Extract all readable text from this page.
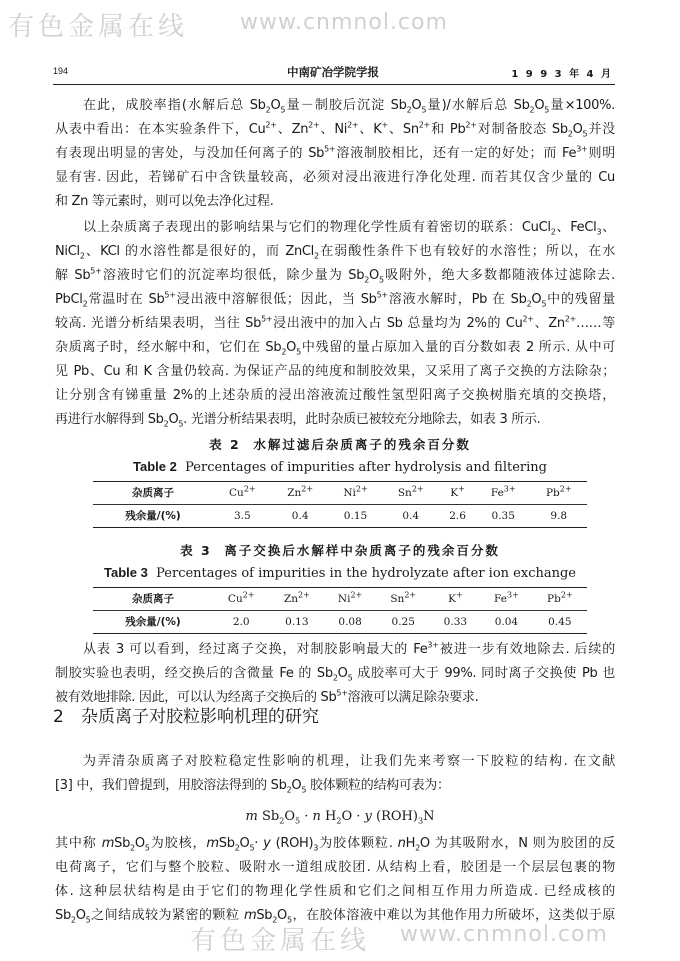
194	中南矿冶学院学报	1 9 9 3 年 4 月
在此，成胶率指(水解后总 $Sb_2O_5$量－制胶后沉淀 $Sb_2O_5$量)/水解后总 $Sb_2O_5$量×100%.
从表中看出：在本实验条件下，$Cu^{2+}$、$Zn^{2+}$、$Ni^{2+}$、K+、$Sn^{2+}$和 $Pb^{2+}$对制备胶态 $Sb_2O_5$并没
有表现出明显的害处，与没加任何离子的 $Sb^{5+}$溶液制胶相比，还有一定的好处；而 $Fe^{3+}$则明
显有害. 因此，若锑矿石中含铁量较高，必须对浸出液进行净化处理. 而若其仅含少量的 Cu
和 Zn 等元素时，则可以免去净化过程.
以上杂质离子表现出的影响结果与它们的物理化学性质有着密切的联系：CuCl$_2$、FeCl$_3$、
NiCl$_2$、KCl 的水溶性都是很好的，而 ZnCl$_2$在弱酸性条件下也有较好的水溶性；所以，在水
解 $Sb^{5+}$溶液时它们的沉淀率均很低，除少量为 $Sb_2O_5$吸附外，绝大多数都随液体过滤除去.
PbCl$_2$常温时在 $Sb^{5+}$浸出液中溶解很低；因此，当 $Sb^{5+}$溶液水解时，Pb 在 $Sb_2O_5$中的残留量
较高. 光谱分析结果表明，当往 $Sb^{5+}$浸出液中的加入占 Sb 总量均为 2%的 $Cu^{2+}$、$Zn^{2+}\dots\dots$等
杂质离子时，经水解中和，它们在 $Sb_2O_5$中残留的量占原加入量的百分数如表 2 所示. 从中可
见 Pb、Cu 和 K 含量仍较高. 为保证产品的纯度和制胶效果，又采用了离子交换的方法除杂；
让分别含有锑重量 2%的上述杂质的浸出溶液流过酸性氢型阳离子交换树脂充填的交换塔，
再进行水解得到 $Sb_2O_5$. 光谱分析结果表明，此时杂质已被较充分地除去，如表 3 所示.
表 2 水解过滤后杂质离子的残余百分数
Table 2 Percentages of impurities after hydrolysis and filtering
杂质离子	$Cu^{2+}$	$Zn^{2+}$	$Ni^{2+}$	$Sn^{2+}$	K+	$Fe^{3+}$	$Pb^{2+}$
残余量/(%)	3.5	0.4	0.15	0.4	2.6	0.35	9.8
表 3 离子交换后水解样中杂质离子的残余百分数
Table 3 Percentages of impurities in the hydrolyzate after ion exchange
杂质离子	$Cu^{2+}$	$Zn^{2+}$	$Ni^{2+}$	$Sn^{2+}$	K+	$Fe^{3+}$	$Pb^{2+}$
残余量/(%)	2.0	0.13	0.08	0.25	0.33	0.04	0.45
从表 3 可以看到，经过离子交换，对制胶影响最大的 $Fe^{3+}$被进一步有效地除去. 后续的
制胶实验也表明，经交换后的含微量 Fe 的 $Sb_2O_5$ 成胶率可大于 99%. 同时离子交换使 Pb 也
被有效地排除. 因此，可以认为经离子交换后的 $Sb^{5+}$溶液可以满足除杂要求.
2 杂质离子对胶粒影响机理的研究
为弄清杂质离子对胶粒稳定性影响的机理，让我们先来考察一下胶粒的结构. 在文献
[3] 中，我们曾提到，用胶溶法得到的 $Sb_2O_5$ 胶体颗粒的结构可表为：
m $Sb_2O_5 \cdot n$ $H_2O \cdot y$ $(ROH)_3N$
其中称 $mSb_2O_5$为胶核，$mSb_2O_5\cdot y$ $(ROH)_3$为胶体颗粒. $nH_2O$ 为其吸附水，N 则为胶团的反
电荷离子，它们与整个胶粒、吸附水一道组成胶团. 从结构上看，胶团是一个层层包裹的物
体. 这种层状结构是由于它们的物理化学性质和它们之间相互作用力所造成. 已经成核的
$Sb_2O_5$之间结成较为紧密的颗粒 $mSb_2O_5$，在胶体溶液中难以为其他作用力所破坏，这类似于原
有色金属在线 www.cnmnol.com
有色金属在线 www.cnmnol.com
